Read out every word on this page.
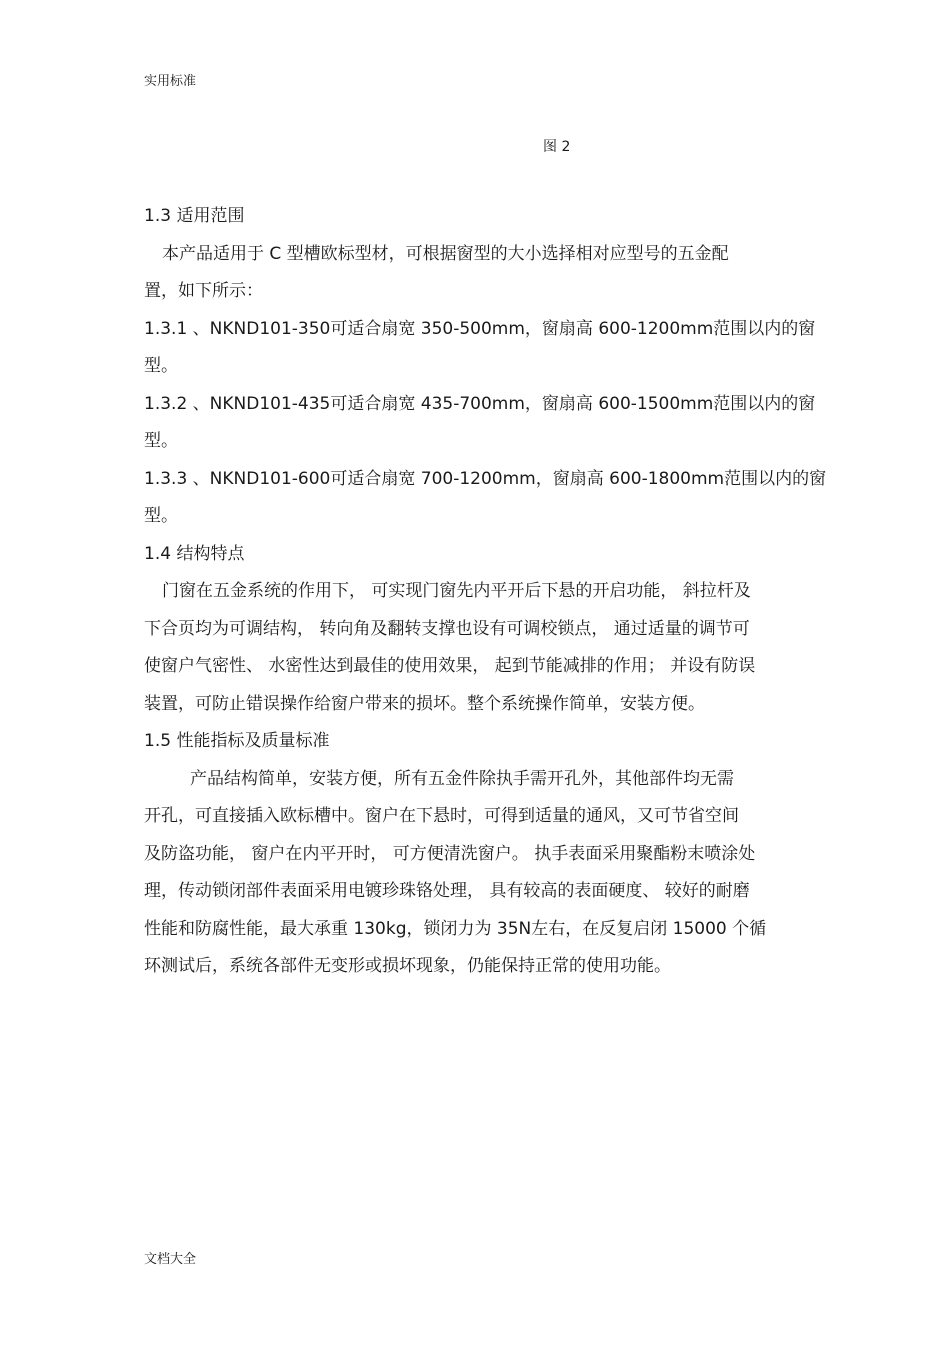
实用标准
图 2
1.3 适用范围
本产品适用于 C 型槽欧标型材，可根据窗型的大小选择相对应型号的五金配
置，如下所示：
1.3.1 、NKND101-350可适合扇宽 350-500mm，窗扇高 600-1200mm范围以内的窗
型。
1.3.2 、NKND101-435可适合扇宽 435-700mm，窗扇高 600-1500mm范围以内的窗
型。
1.3.3 、NKND101-600可适合扇宽 700-1200mm，窗扇高 600-1800mm范围以内的窗
型。
1.4 结构特点
门窗在五金系统的作用下， 可实现门窗先内平开后下悬的开启功能， 斜拉杆及
下合页均为可调结构， 转向角及翻转支撑也设有可调校锁点， 通过适量的调节可
使窗户气密性、 水密性达到最佳的使用效果， 起到节能减排的作用； 并设有防误
装置，可防止错误操作给窗户带来的损坏。整个系统操作简单，安装方便。
1.5 性能指标及质量标准
产品结构简单，安装方便，所有五金件除执手需开孔外，其他部件均无需
开孔，可直接插入欧标槽中。窗户在下悬时，可得到适量的通风，又可节省空间
及防盗功能， 窗户在内平开时， 可方便清洗窗户。 执手表面采用聚酯粉末喷涂处
理，传动锁闭部件表面采用电镀珍珠铬处理， 具有较高的表面硬度、 较好的耐磨
性能和防腐性能，最大承重 130kg，锁闭力为 35N左右，在反复启闭 15000 个循
环测试后，系统各部件无变形或损坏现象，仍能保持正常的使用功能。
文档大全
